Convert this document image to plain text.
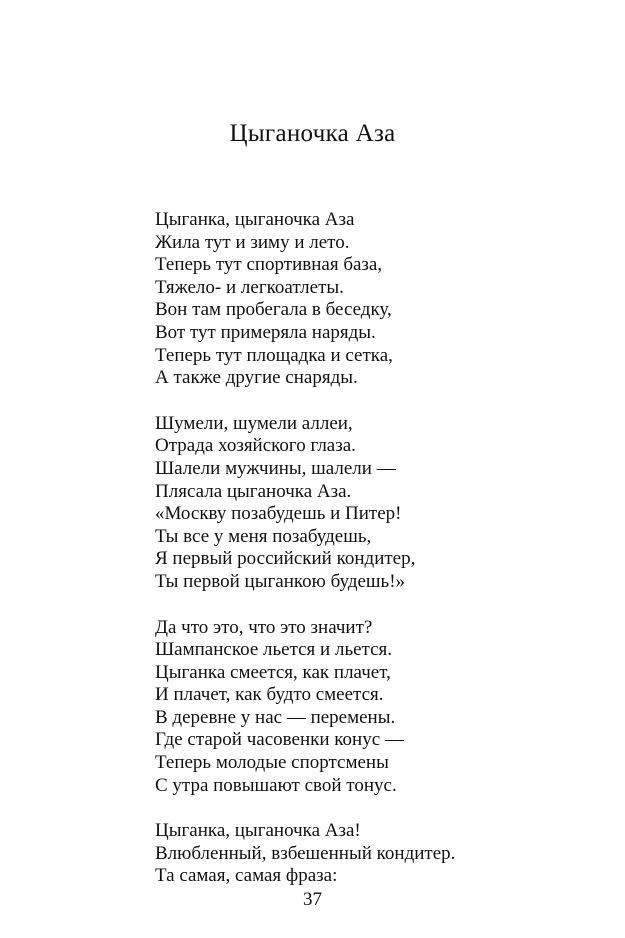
Цыганочка Аза
Цыганка, цыганочка Аза
Жила тут и зиму и лето.
Теперь тут спортивная база,
Тяжело- и легкоатлеты.
Вон там пробегала в беседку,
Вот тут примеряла наряды.
Теперь тут площадка и сетка,
А также другие снаряды.
Шумели, шумели аллеи,
Отрада хозяйского глаза.
Шалели мужчины, шалели —
Плясала цыганочка Аза.
«Москву позабудешь и Питер!
Ты все у меня позабудешь,
Я первый российский кондитер,
Ты первой цыганкою будешь!»
Да что это, что это значит?
Шампанское льется и льется.
Цыганка смеется, как плачет,
И плачет, как будто смеется.
В деревне у нас — перемены.
Где старой часовенки конус —
Теперь молодые спортсмены
С утра повышают свой тонус.
Цыганка, цыганочка Аза!
Влюбленный, взбешенный кондитер.
Та самая, самая фраза:
37
